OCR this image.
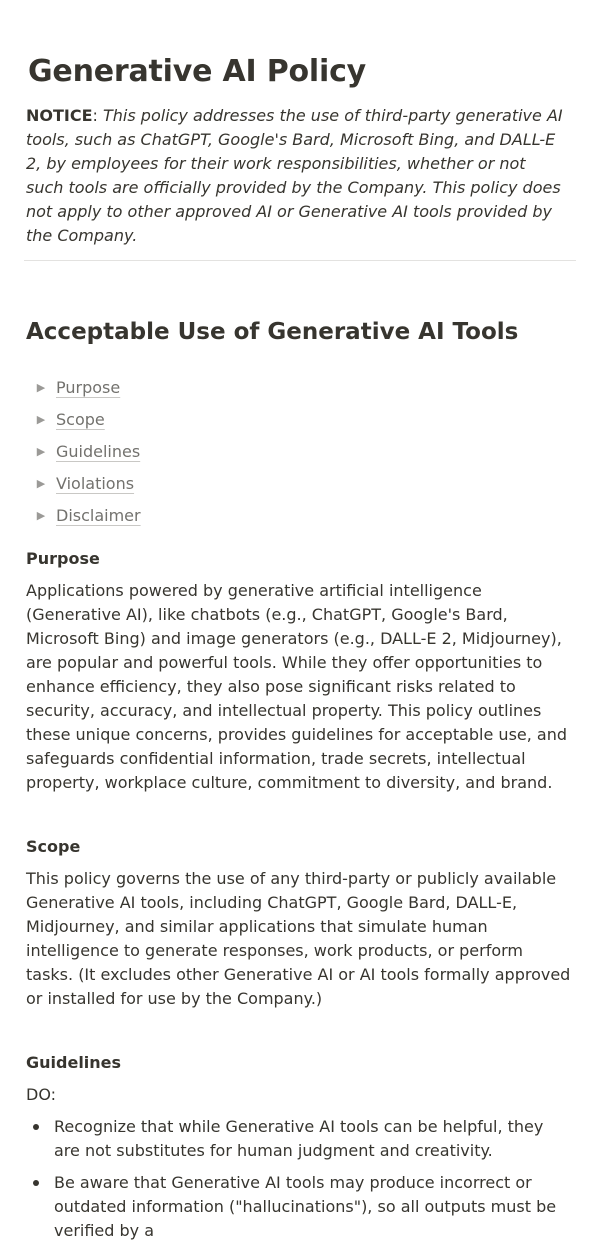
Generative AI Policy

NOTICE: This policy addresses the use of third-party generative AI tools, such as ChatGPT, Google's Bard, Microsoft Bing, and DALL-E 2, by employees for their work responsibilities, whether or not such tools are officially provided by the Company. This policy does not apply to other approved AI or Generative AI tools provided by the Company.

Acceptable Use of Generative AI Tools
▶ Purpose
▶ Scope
▶ Guidelines
▶ Violations
▶ Disclaimer
Purpose

Applications powered by generative artificial intelligence (Generative AI), like chatbots (e.g., ChatGPT, Google's Bard, Microsoft Bing) and image generators (e.g., DALL-E 2, Midjourney), are popular and powerful tools. While they offer opportunities to enhance efficiency, they also pose significant risks related to security, accuracy, and intellectual property. This policy outlines these unique concerns, provides guidelines for acceptable use, and safeguards confidential information, trade secrets, intellectual property, workplace culture, commitment to diversity, and brand.

Scope

This policy governs the use of any third-party or publicly available Generative AI tools, including ChatGPT, Google Bard, DALL-E, Midjourney, and similar applications that simulate human intelligence to generate responses, work products, or perform tasks. (It excludes other Generative AI or AI tools formally approved or installed for use by the Company.)

Guidelines

DO:

Recognize that while Generative AI tools can be helpful, they are not substitutes for human judgment and creativity.
Be aware that Generative AI tools may produce incorrect or outdated information ("hallucinations"), so all outputs must be verified by a
